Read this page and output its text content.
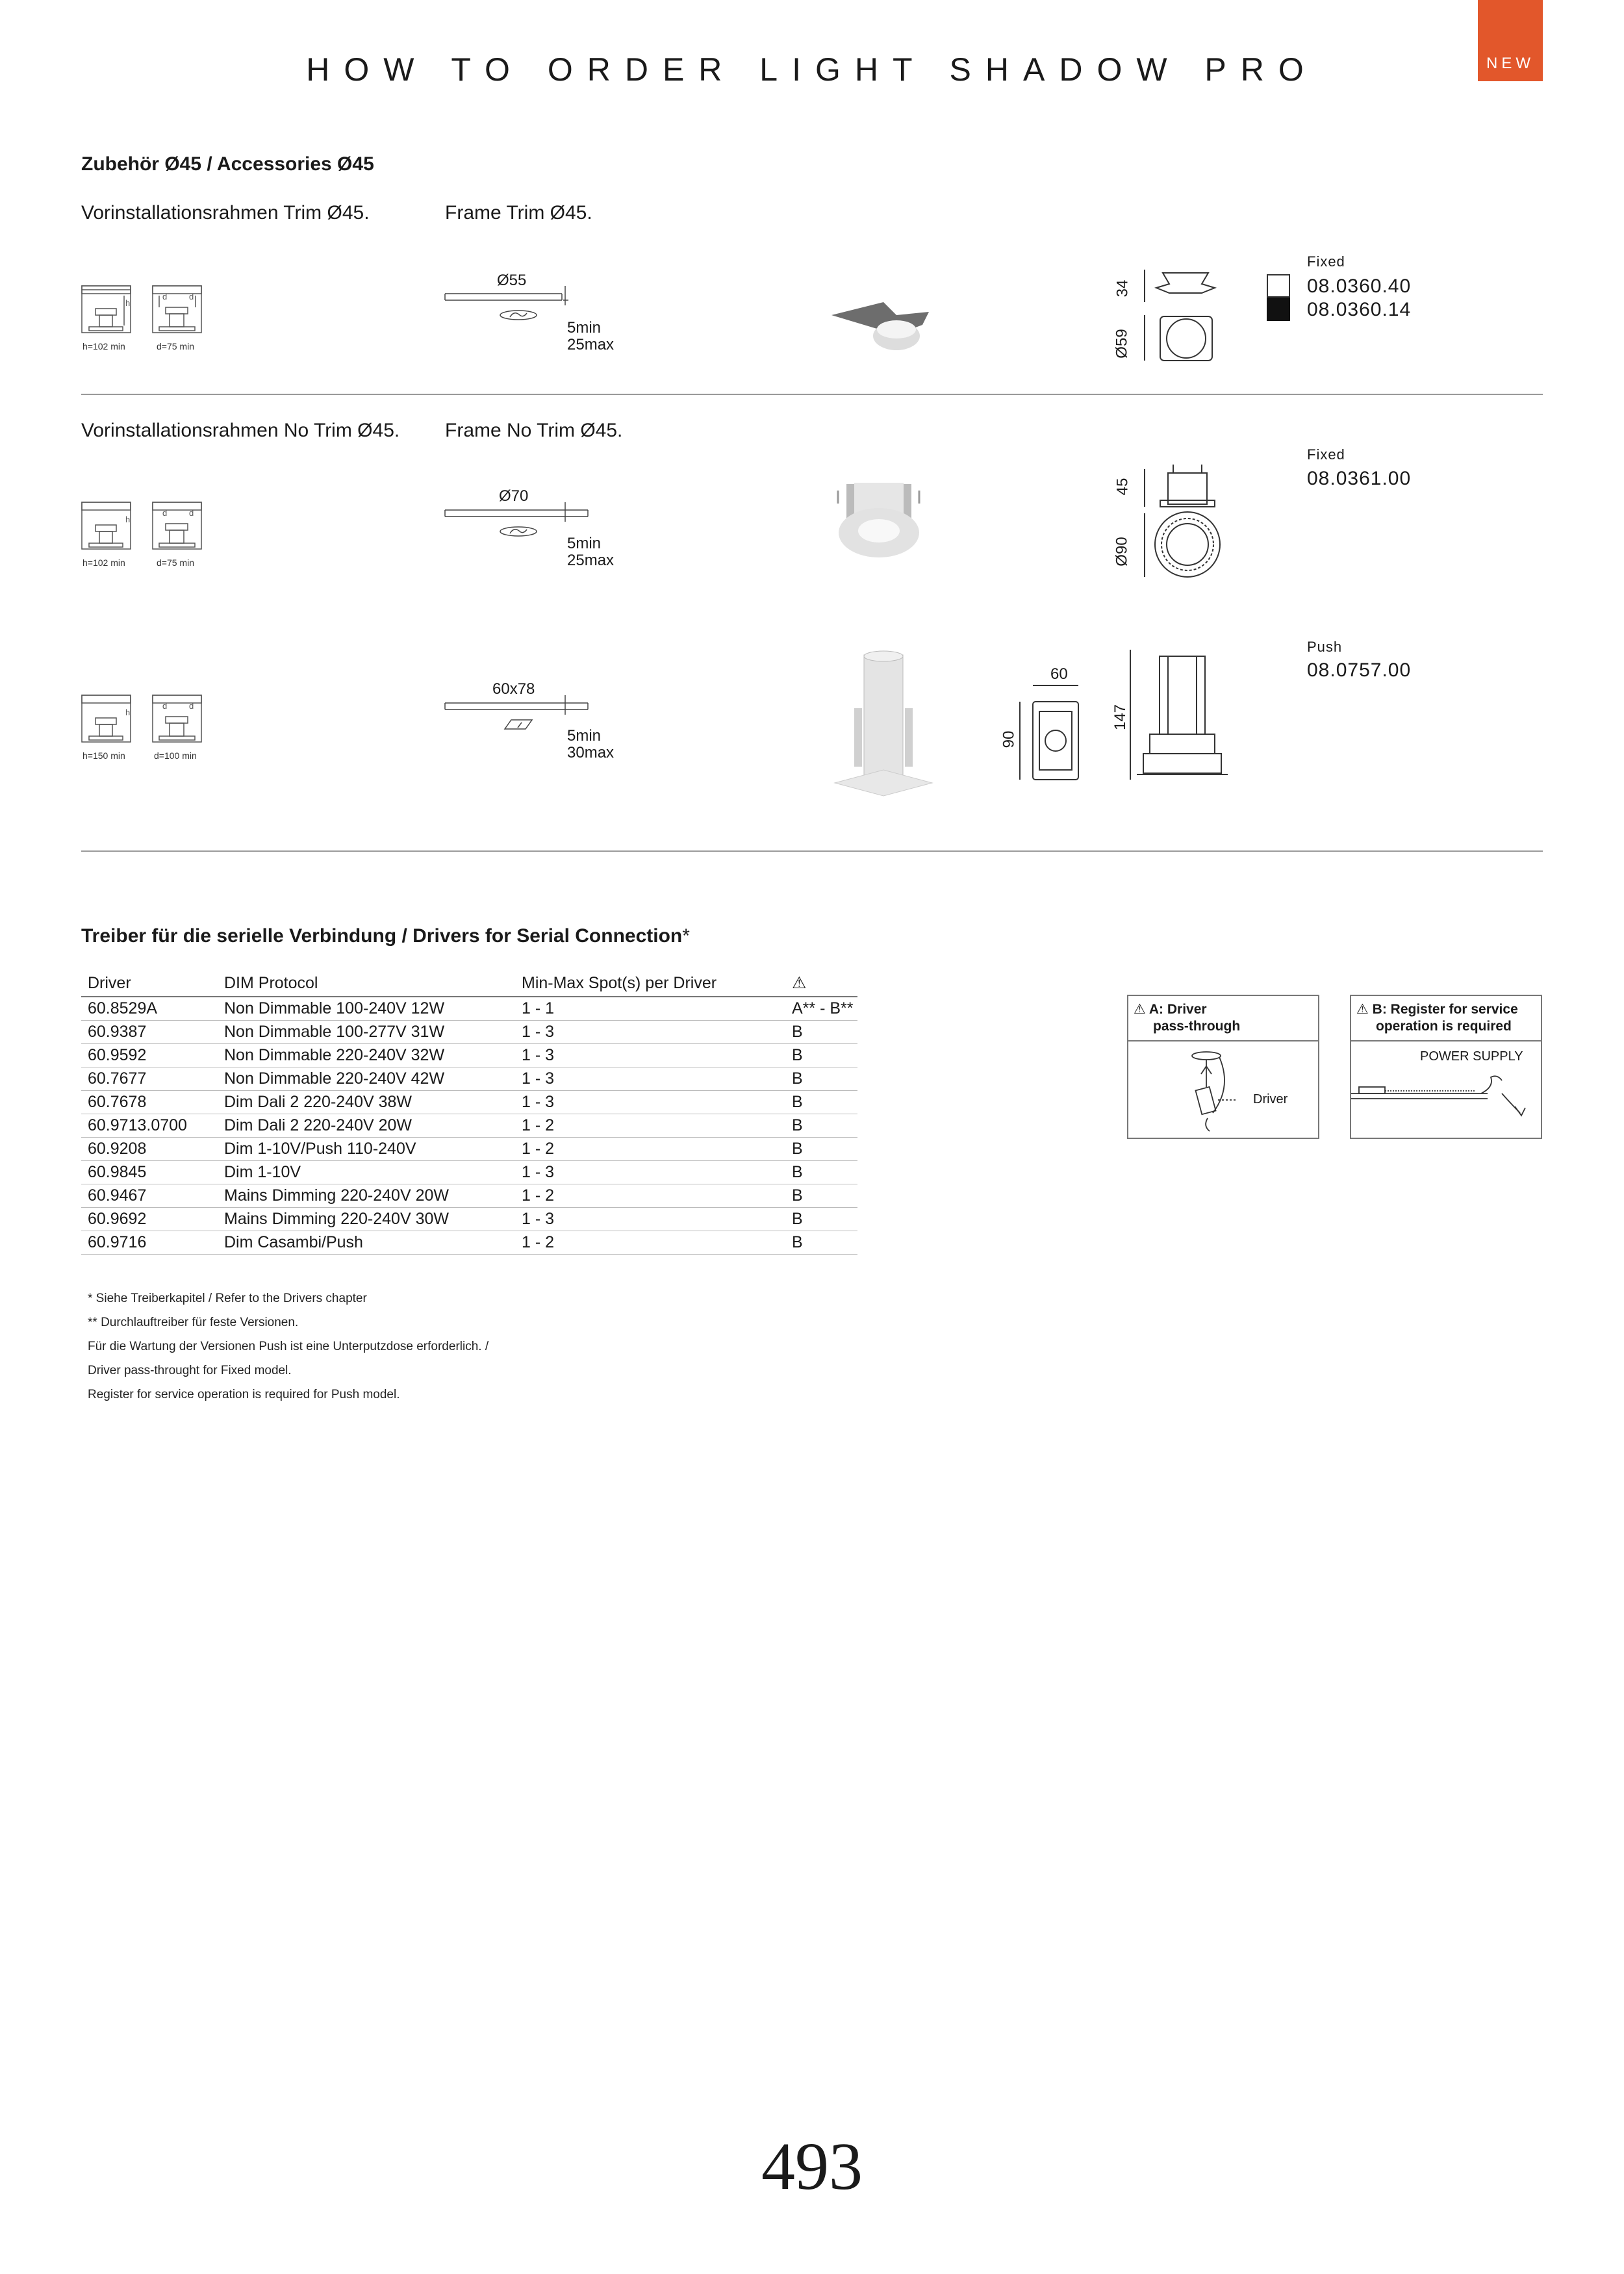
HOW TO ORDER LIGHT SHADOW PRO	NEW
Zubehör Ø45 / Accessories Ø45
Vorinstallationsrahmen Trim Ø45.	Frame Trim Ø45.
h
d	d
h=102 min	d=75 min
Ø55
5min
25max
34
Ø59
Fixed
08.0360.40
08.0360.14
Vorinstallationsrahmen No Trim Ø45. Frame No Trim Ø45.
h
d	d
h=102 min	d=75 min
Ø70
5min
25max
45
Ø90
Fixed
08.0361.00
h
d	d
h=150 min	d=100 min
60x78
5min
30max
60
90
147
Push
08.0757.00
Treiber für die serielle Verbindung / Drivers for Serial Connection*
Driver	DIM Protocol	Min-Max Spot(s) per Driver	⚠
60.8529A	Non Dimmable 100-240V 12W	1 - 1	A** - B**
60.9387	Non Dimmable 100-277V 31W	1 - 3	B
60.9592	Non Dimmable 220-240V 32W	1 - 3	B
60.7677	Non Dimmable 220-240V 42W	1 - 3	B
60.7678	Dim Dali 2 220-240V 38W	1 - 3	B
60.9713.0700	Dim Dali 2 220-240V 20W	1 - 2	B
60.9208	Dim 1-10V/Push 110-240V	1 - 2	B
60.9845	Dim 1-10V	1 - 3	B
60.9467	Mains Dimming 220-240V 20W	1 - 2	B
60.9692	Mains Dimming 220-240V 30W	1 - 3	B
60.9716	Dim Casambi/Push	1 - 2	B
* Siehe Treiberkapitel / Refer to the Drivers chapter
** Durchlauftreiber für feste Versionen.
Für die Wartung der Versionen Push ist eine Unterputzdose erforderlich. /
Driver pass-throught for Fixed model.
Register for service operation is required for Push model.
⚠ A: Driver
pass-through
Driver
⚠ B: Register for service
operation is required
POWER SUPPLY
493
